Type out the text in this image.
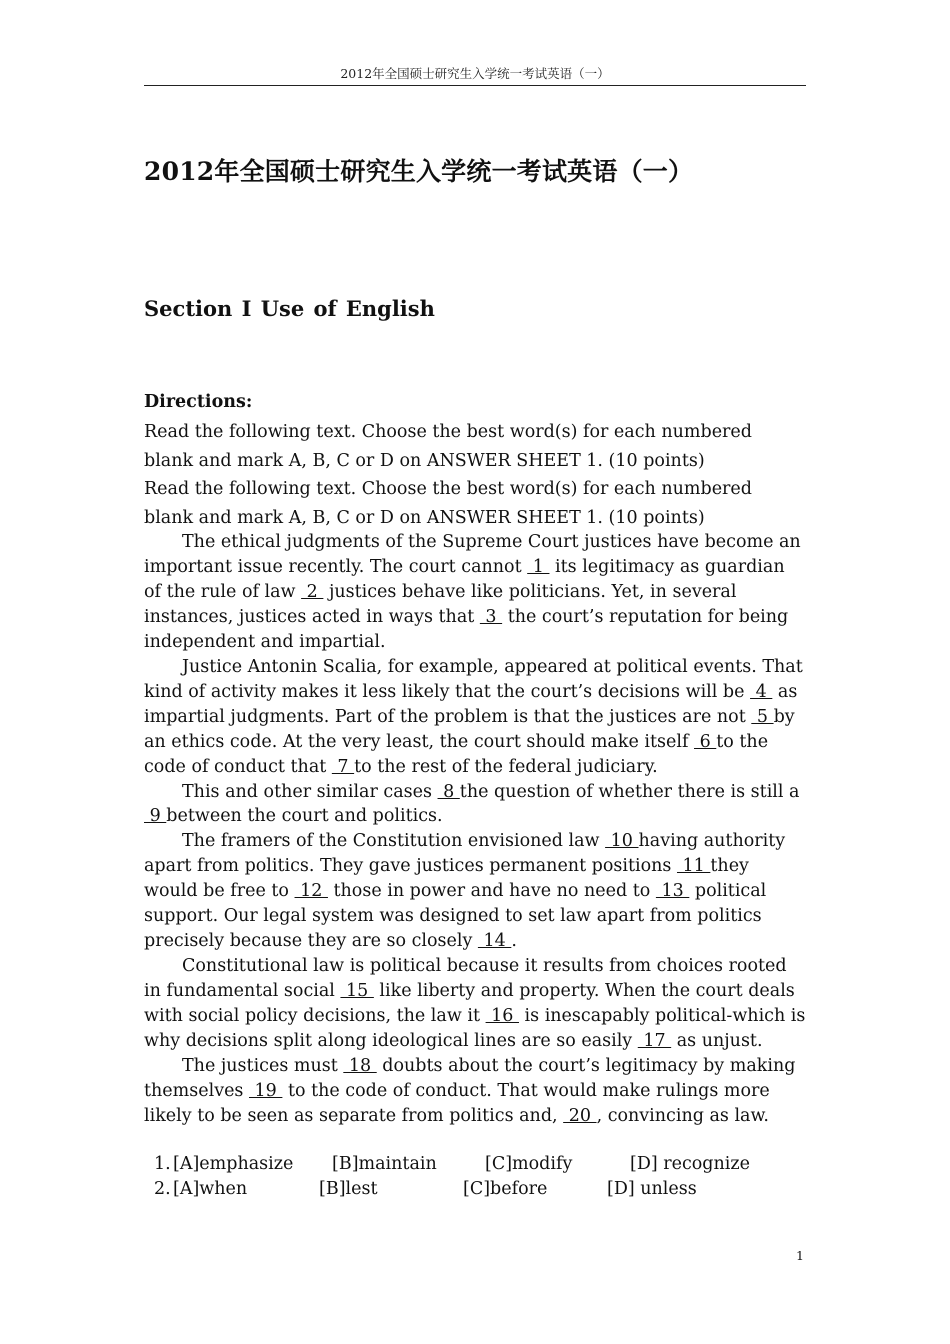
2012年全国硕士研究生入学统一考试英语（一）
2012年全国硕士研究生入学统一考试英语（一）
Section I Use of English
Directions:
Read the following text. Choose the best word(s) for each numbered blank and mark A, B, C or D on ANSWER SHEET 1. (10 points)
Read the following text. Choose the best word(s) for each numbered blank and mark A, B, C or D on ANSWER SHEET 1. (10 points)

The ethical judgments of the Supreme Court justices have become an important issue recently. The court cannot  1  its legitimacy as guardian of the rule of law  2  justices behave like politicians. Yet, in several instances, justices acted in ways that  3  the court’s reputation for being independent and impartial.

Justice Antonin Scalia, for example, appeared at political events. That kind of activity makes it less likely that the court’s decisions will be  4  as impartial judgments. Part of the problem is that the justices are not  5 by an ethics code. At the very least, the court should make itself  6 to the code of conduct that  7 to the rest of the federal judiciary.

This and other similar cases  8 the question of whether there is still a  9 between the court and politics.

The framers of the Constitution envisioned law  10 having authority apart from politics. They gave justices permanent positions  11 they would be free to  12  those in power and have no need to  13  political support. Our legal system was designed to set law apart from politics precisely because they are so closely  14 .

Constitutional law is political because it results from choices rooted in fundamental social  15  like liberty and property. When the court deals with social policy decisions, the law it  16  is inescapably political-which is why decisions split along ideological lines are so easily  17  as unjust.

The justices must  18  doubts about the court’s legitimacy by making themselves  19  to the code of conduct. That would make rulings more likely to be seen as separate from politics and,  20 , convincing as law.

1. [A]emphasize [B]maintain	[C]modify	[D] recognize
2. [A]when	[B]lest	[C]before	[D] unless
1
